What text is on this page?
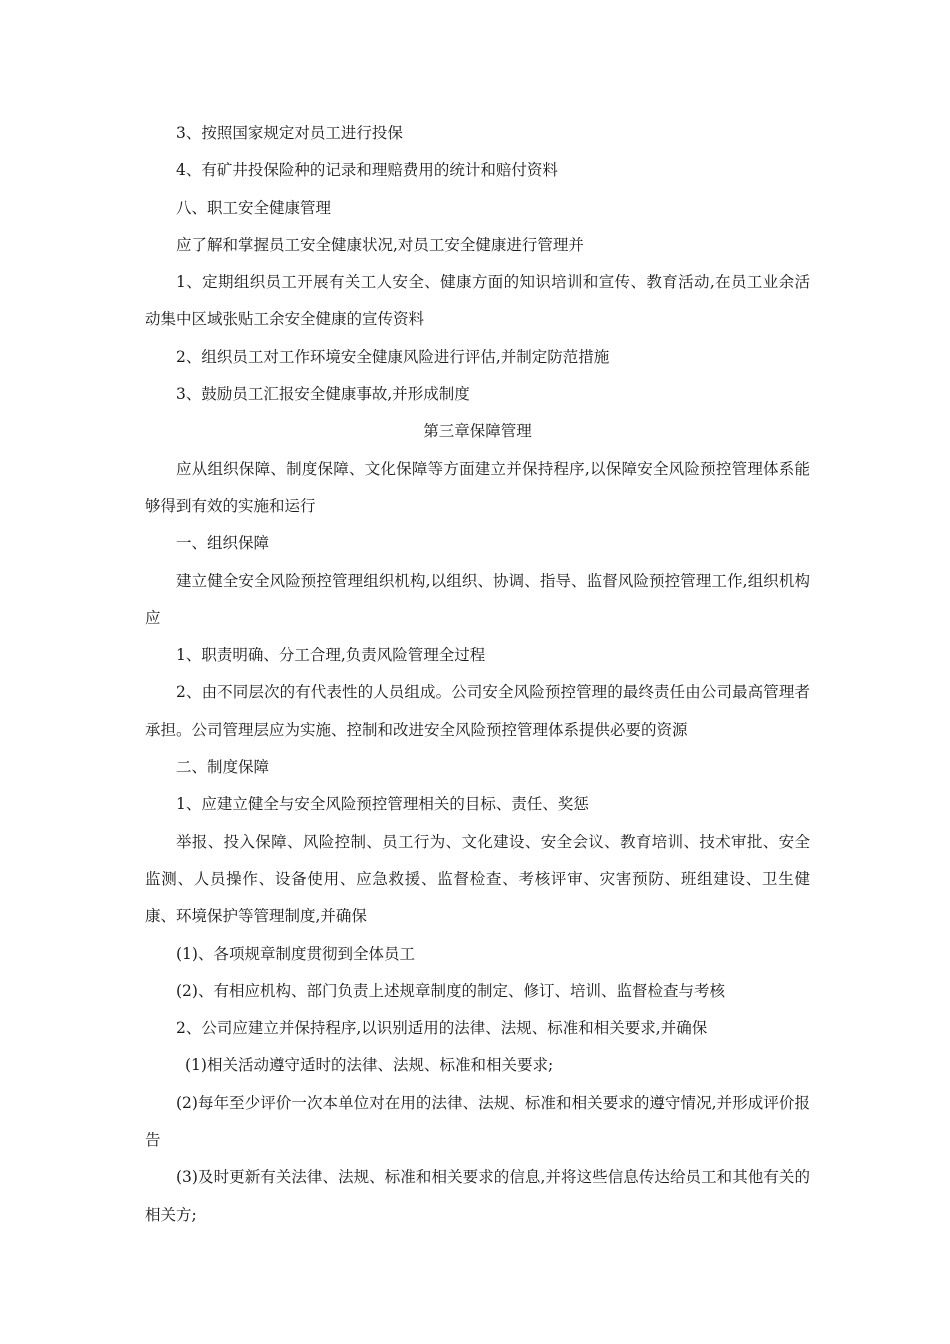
3、按照国家规定对员工进行投保

4、有矿井投保险种的记录和理赔费用的统计和赔付资料

八、职工安全健康管理

应了解和掌握员工安全健康状况,对员工安全健康进行管理并

1、定期组织员工开展有关工人安全、健康方面的知识培训和宣传、教育活动,在员工业余活动集中区域张贴工余安全健康的宣传资料

2、组织员工对工作环境安全健康风险进行评估,并制定防范措施

3、鼓励员工汇报安全健康事故,并形成制度

第三章保障管理

应从组织保障、制度保障、文化保障等方面建立并保持程序,以保障安全风险预控管理体系能够得到有效的实施和运行

一、组织保障

建立健全安全风险预控管理组织机构,以组织、协调、指导、监督风险预控管理工作,组织机构应

1、职责明确、分工合理,负责风险管理全过程

2、由不同层次的有代表性的人员组成。公司安全风险预控管理的最终责任由公司最高管理者承担。公司管理层应为实施、控制和改进安全风险预控管理体系提供必要的资源

二、制度保障

1、应建立健全与安全风险预控管理相关的目标、责任、奖惩

举报、投入保障、风险控制、员工行为、文化建设、安全会议、教育培训、技术审批、安全监测、人员操作、设备使用、应急救援、监督检查、考核评审、灾害预防、班组建设、卫生健康、环境保护等管理制度,并确保

(1)、各项规章制度贯彻到全体员工

(2)、有相应机构、部门负责上述规章制度的制定、修订、培训、监督检查与考核

2、公司应建立并保持程序,以识别适用的法律、法规、标准和相关要求,并确保

(1)相关活动遵守适时的法律、法规、标准和相关要求;

(2)每年至少评价一次本单位对在用的法律、法规、标准和相关要求的遵守情况,并形成评价报告

(3)及时更新有关法律、法规、标准和相关要求的信息,并将这些信息传达给员工和其他有关的相关方;
